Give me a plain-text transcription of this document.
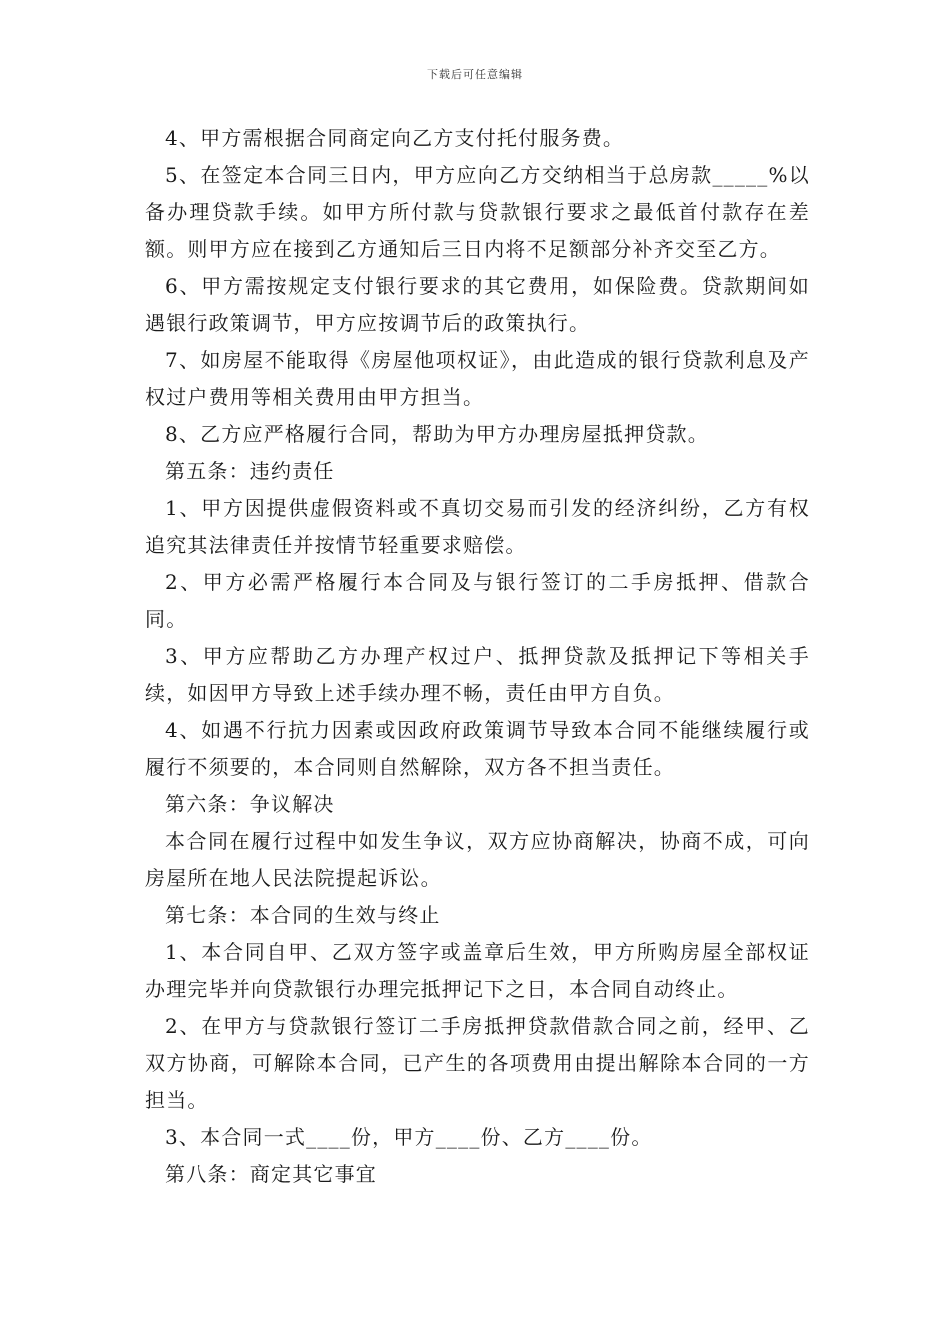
下载后可任意编辑

4、甲方需根据合同商定向乙方支付托付服务费。

5、在签定本合同三日内，甲方应向乙方交纳相当于总房款_____%以备办理贷款手续。如甲方所付款与贷款银行要求之最低首付款存在差额。则甲方应在接到乙方通知后三日内将不足额部分补齐交至乙方。

6、甲方需按规定支付银行要求的其它费用，如保险费。贷款期间如遇银行政策调节，甲方应按调节后的政策执行。

7、如房屋不能取得《房屋他项权证》，由此造成的银行贷款利息及产权过户费用等相关费用由甲方担当。

8、乙方应严格履行合同，帮助为甲方办理房屋抵押贷款。

第五条：违约责任

1、甲方因提供虚假资料或不真切交易而引发的经济纠纷，乙方有权追究其法律责任并按情节轻重要求赔偿。

2、甲方必需严格履行本合同及与银行签订的二手房抵押、借款合同。

3、甲方应帮助乙方办理产权过户、抵押贷款及抵押记下等相关手续，如因甲方导致上述手续办理不畅，责任由甲方自负。

4、如遇不行抗力因素或因政府政策调节导致本合同不能继续履行或履行不须要的，本合同则自然解除，双方各不担当责任。

第六条：争议解决

本合同在履行过程中如发生争议，双方应协商解决，协商不成，可向房屋所在地人民法院提起诉讼。

第七条：本合同的生效与终止

1、本合同自甲、乙双方签字或盖章后生效，甲方所购房屋全部权证办理完毕并向贷款银行办理完抵押记下之日，本合同自动终止。

2、在甲方与贷款银行签订二手房抵押贷款借款合同之前，经甲、乙双方协商，可解除本合同，已产生的各项费用由提出解除本合同的一方担当。

3、本合同一式____份，甲方____份、乙方____份。

第八条：商定其它事宜
